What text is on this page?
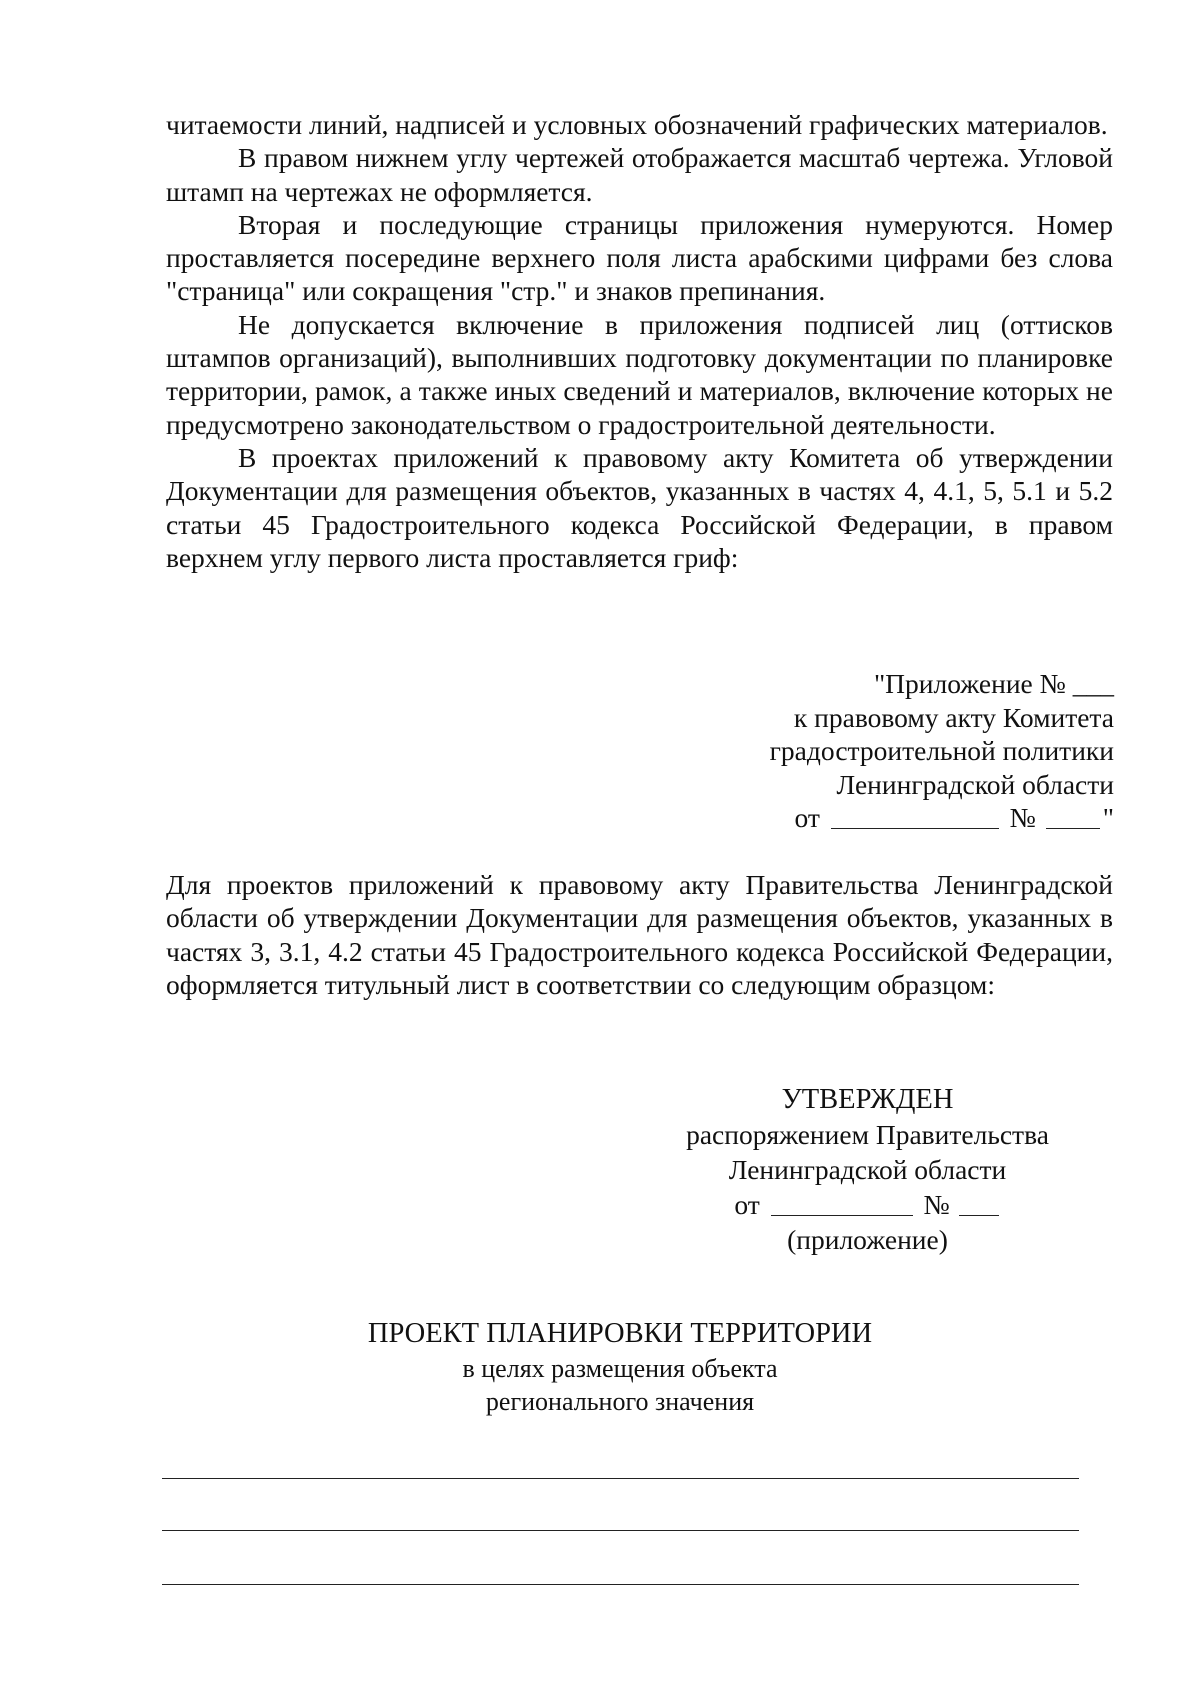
читаемости линий, надписей и условных обозначений графических материалов.

В правом нижнем углу чертежей отображается масштаб чертежа. Угловой штамп на чертежах не оформляется.

Вторая и последующие страницы приложения нумеруются. Номер проставляется посередине верхнего поля листа арабскими цифрами без слова "страница" или сокращения "стр." и знаков препинания.

Не допускается включение в приложения подписей лиц (оттисков штампов организаций), выполнивших подготовку документации по планировке территории, рамок, а также иных сведений и материалов, включение которых не предусмотрено законодательством о градостроительной деятельности.

В проектах приложений к правовому акту Комитета об утверждении Документации для размещения объектов, указанных в частях 4, 4.1, 5, 5.1 и 5.2 статьи 45 Градостроительного кодекса Российской Федерации, в правом верхнем углу первого листа проставляется гриф:

"Приложение № ___
к правовому акту Комитета
градостроительной политики
Ленинградской области
от	№ "

Для проектов приложений к правовому акту Правительства Ленинградской области об утверждении Документации для размещения объектов, указанных в частях 3, 3.1, 4.2 статьи 45 Градостроительного кодекса Российской Федерации, оформляется титульный лист в соответствии со следующим образцом:

УТВЕРЖДЕН
распоряжением Правительства
Ленинградской области
от	№
(приложение)
ПРОЕКТ ПЛАНИРОВКИ ТЕРРИТОРИИ
в целях размещения объекта
регионального значения
